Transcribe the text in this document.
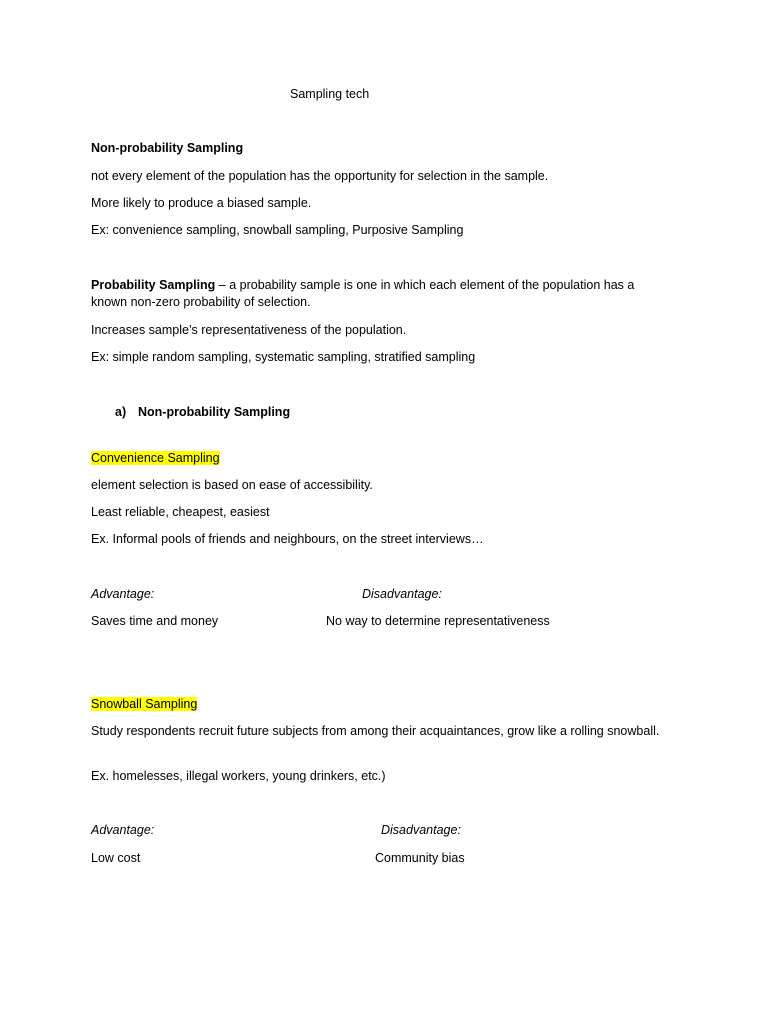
Sampling tech

Non-probability Sampling

not every element of the population has the opportunity for selection in the sample.

More likely to produce a biased sample.

Ex: convenience sampling, snowball sampling, Purposive Sampling

Probability Sampling – a probability sample is one in which each element of the population has a known non-zero probability of selection.

Increases sample’s representativeness of the population.

Ex: simple random sampling, systematic sampling, stratified sampling

a) Non-probability Sampling

Convenience Sampling

element selection is based on ease of accessibility.

Least reliable, cheapest, easiest

Ex. Informal pools of friends and neighbours, on the street interviews…

Advantage:	Disadvantage:

Saves time and money	No way to determine representativeness

Snowball Sampling

Study respondents recruit future subjects from among their acquaintances, grow like a rolling snowball.

Ex. homelesses, illegal workers, young drinkers, etc.)

Advantage:	Disadvantage:

Low cost	Community bias
